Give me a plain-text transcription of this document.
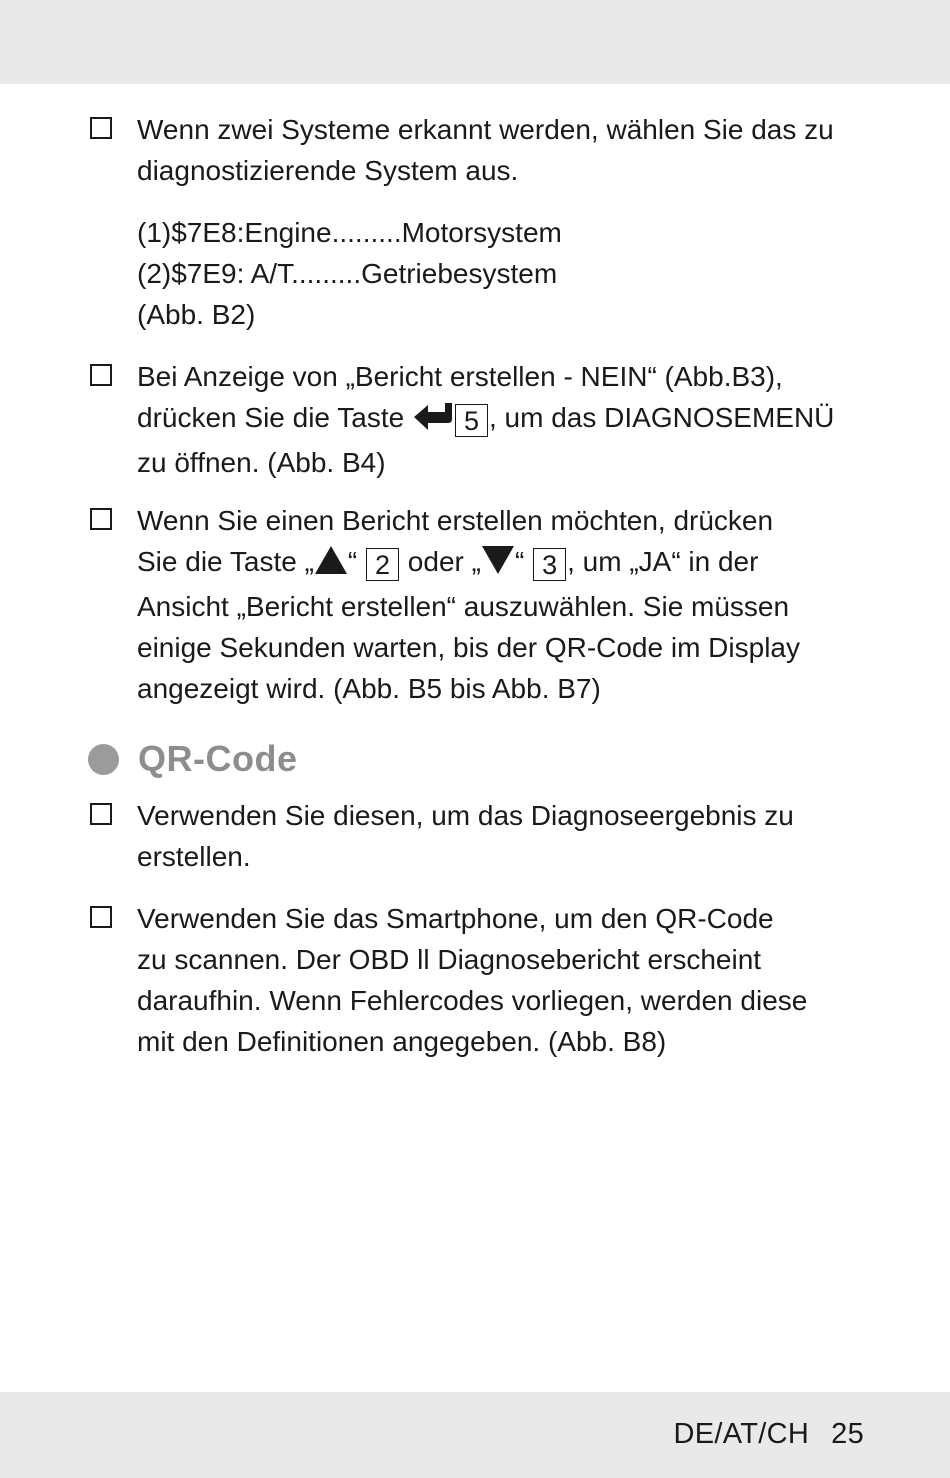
Wenn zwei Systeme erkannt werden, wählen Sie das zu
diagnostizierende System aus.
(1)$7E8:Engine.........Motorsystem
(2)$7E9: A/T.........Getriebesystem
(Abb. B2)
Bei Anzeige von „Bericht erstellen - NEIN“ (Abb.B3),
drücken Sie die Taste 5 , um das DIAGNOSEMENÜ
zu öffnen. (Abb. B4)
Wenn Sie einen Bericht erstellen möchten, drücken
Sie die Taste „ “ 2 oder „ “ 3 , um „JA“ in der
Ansicht „Bericht erstellen“ auszuwählen. Sie müssen
einige Sekunden warten, bis der QR-Code im Display
angezeigt wird. (Abb. B5 bis Abb. B7)
QR-Code
Verwenden Sie diesen, um das Diagnoseergebnis zu
erstellen.
Verwenden Sie das Smartphone, um den QR-Code
zu scannen. Der OBD ll Diagnosebericht erscheint
daraufhin. Wenn Fehlercodes vorliegen, werden diese
mit den Definitionen angegeben. (Abb. B8)
DE/AT/CH 25
